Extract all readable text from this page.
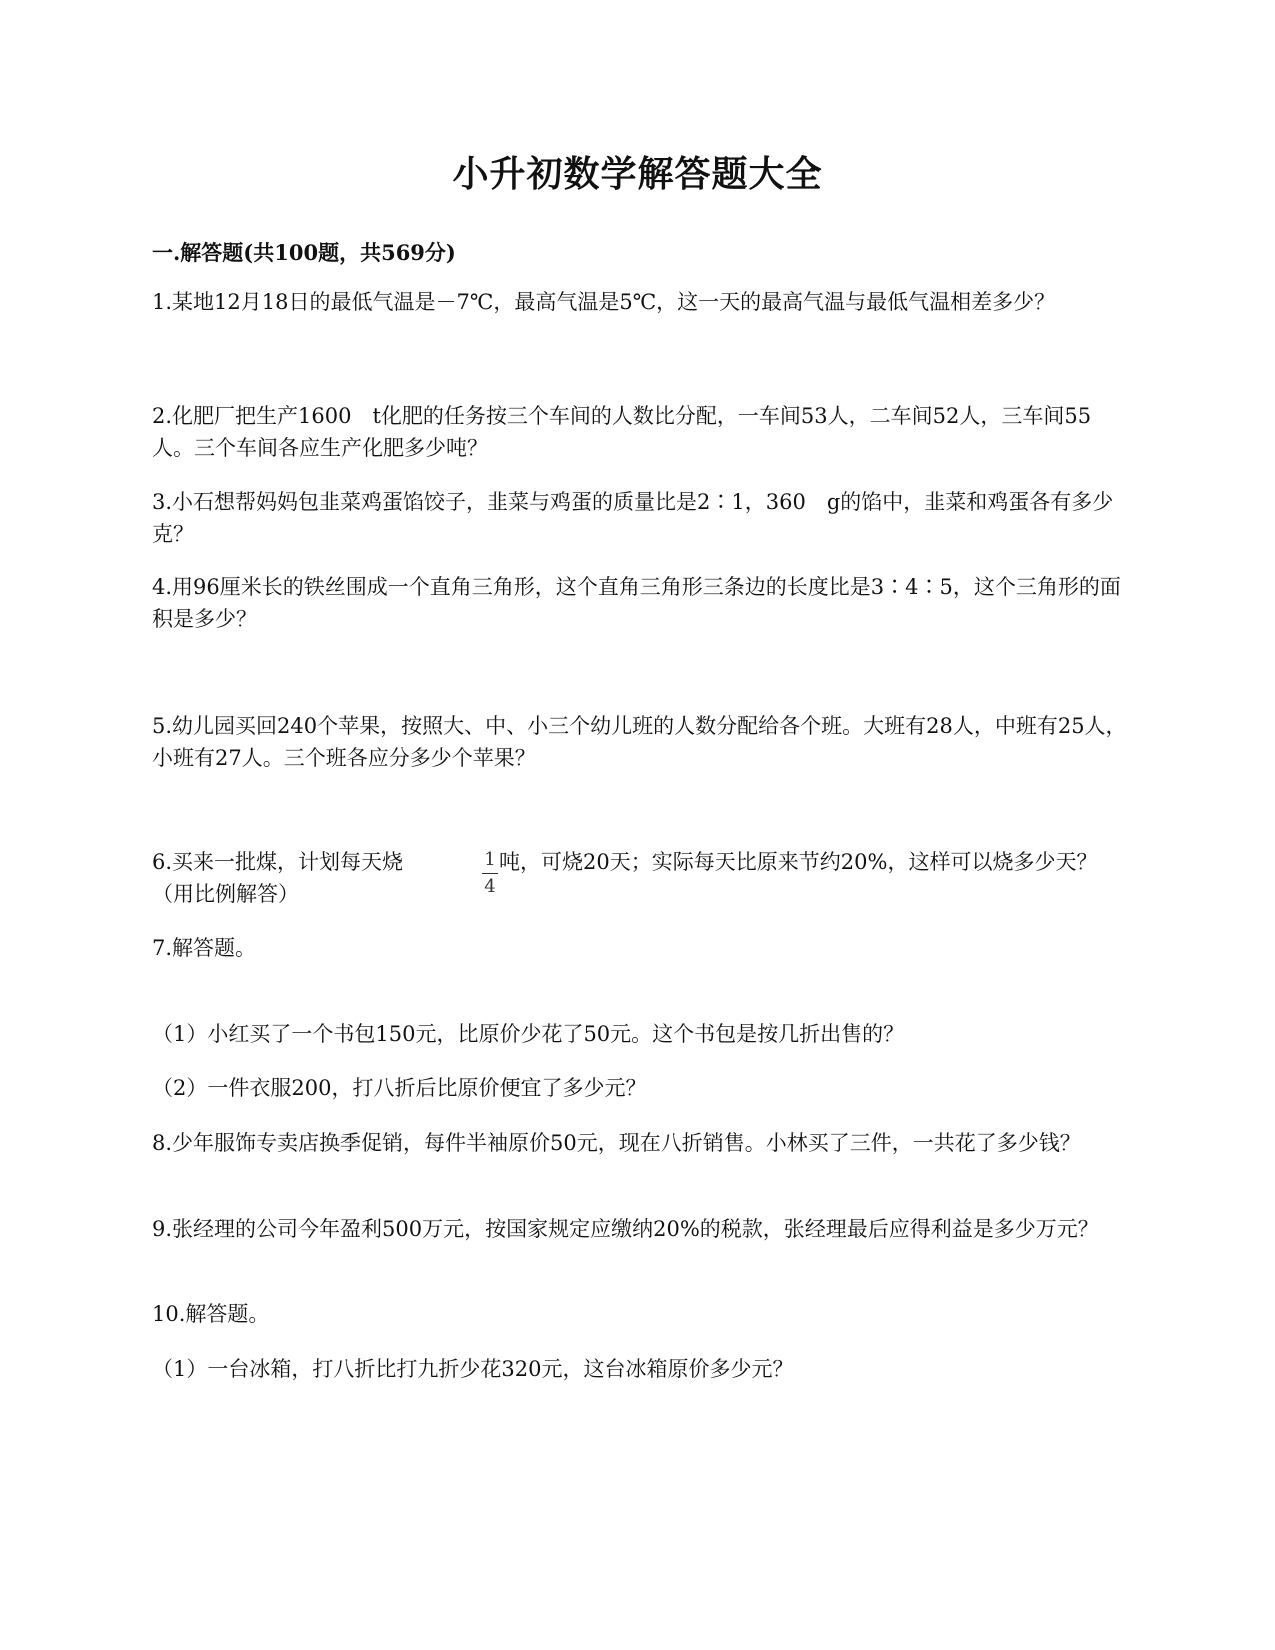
小升初数学解答题大全
一.解答题(共100题，共569分)
1.某地12月18日的最低气温是－7℃，最高气温是5℃，这一天的最高气温与最低气温相差多少？
2.化肥厂把生产1600　t化肥的任务按三个车间的人数比分配，一车间53人，二车间52人，三车间55人。三个车间各应生产化肥多少吨？
3.小石想帮妈妈包韭菜鸡蛋馅饺子，韭菜与鸡蛋的质量比是2∶1，360　g的馅中，韭菜和鸡蛋各有多少克？
4.用96厘米长的铁丝围成一个直角三角形，这个直角三角形三条边的长度比是3∶4∶5，这个三角形的面积是多少？
5.幼儿园买回240个苹果，按照大、中、小三个幼儿班的人数分配给各个班。大班有28人，中班有25人，小班有27人。三个班各应分多少个苹果？
1
4
6.买来一批煤，计划每天烧	吨，可烧20天；实际每天比原来节约20%，这样可以烧多少天？（用比例解答）
7.解答题。
（1）小红买了一个书包150元，比原价少花了50元。这个书包是按几折出售的？
（2）一件衣服200，打八折后比原价便宜了多少元？
8.少年服饰专卖店换季促销，每件半袖原价50元，现在八折销售。小林买了三件，一共花了多少钱？
9.张经理的公司今年盈利500万元，按国家规定应缴纳20%的税款，张经理最后应得利益是多少万元？
10.解答题。
（1）一台冰箱，打八折比打九折少花320元，这台冰箱原价多少元？
